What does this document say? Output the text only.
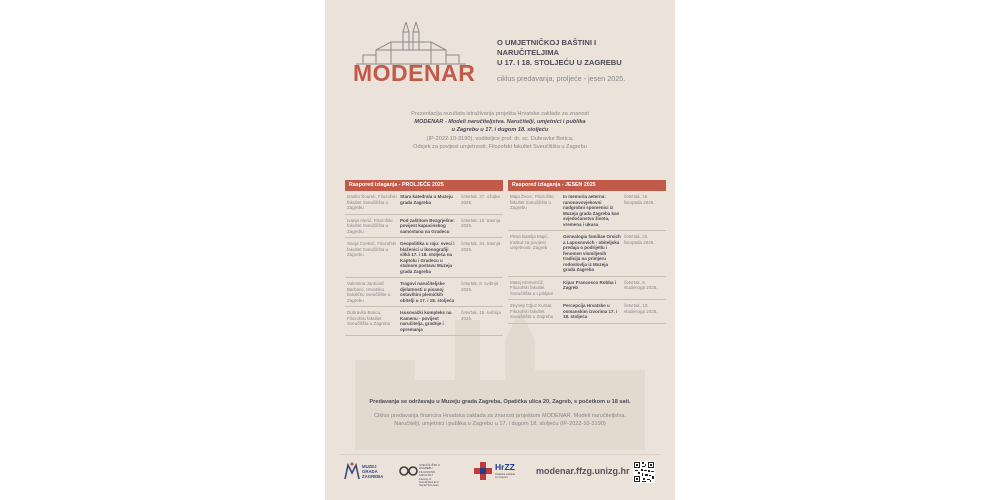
MODENAR
O UMJETNIČKOJ BAŠTINI I
NARUČITELJIMA
U 17. I 18. STOLJEĆU U ZAGREBU
ciklus predavanja, proljeće - jesen 2025.
Prezentacija rezultata istraživanja projekta Hrvatske zaklade za znanost
MODENAR - Modeli naručiteljstva. Naručitelji, umjetnici i publika
u Zagrebu u 17. i dugom 18. stoljeću
(IP-2022-10-3190), voditeljice prof. dr. sc. Dubravke Botica,
Odsjek za povijest umjetnosti, Filozofski fakultet Sveučilišta u Zagrebu
Raspored izlaganja - PROLJEĆE 2025
Danko Šourek, Filozofski fakultet Sveučilišta u Zagrebu
Stara katedrala u Muzeju grada Zagreba
četvrtak, 27. ožujka 2025.
Ivanja Alerić, Filozofski fakultet Sveučilišta u Zagrebu
Pod zaštitom Bezgrješne: povijest kapucinskog samostana na Gradecu
četvrtak, 10. travnja 2025.
Sanja Cvetnić, Filozofski fakultet Sveučilišta u Zagrebu
Geopolitika u raju: sveci i blaženici u ikonografiji slikâ 17. i 18. stoljeća na Kaptolu i Gradecu u stalnom postavu Muzeja grada Zagreba
četvrtak, 24. travnja 2025.
Valentina Janković Barbarić, Hrvatsko katoličko sveučilište u Zagrebu
Tragovi naručiteljske djelatnosti u pisanoj ostavštini plemićkih obitelji u 17. i 18. stoljeću
četvrtak, 8. svibnja 2025.
Dubravka Botica, Filozofski fakultet Sveučilišta u Zagrebu
Isusovački kompleks na Kamenu - povijest naručitelja, gradnje i opremanja
četvrtak, 15. svibnja 2025.
Raspored izlaganja - JESEN 2025
Maja Žvorc, Filozofski fakultet Sveučilišta u Zagrebu
In memoria aeterna: ranonovovjekovni nadgrobni spomenici iz Muzeja grada Zagreba kao svjedočanstva života, vremena i ukusa
četvrtak, 16. listopada 2025.
Petra Batelja Majić, Institut za povijest umjetnosti, Zagreb
Genealogia familiae Orsich a Laposnovich - obiteljska predaja o podrijetlu i fenomen vismiljenih tradicija na primjeru rodoslovlja iz Muzeja grada Zagreba
četvrtak, 23. listopada 2025.
Matej Klemenčič, Filozofski fakultet Sveučilišta u Ljubljani
Kipar Francesco Robba i Zagreb
četvrtak, 6. studenoga 2025.
Zeynep Oğuz Kursar, Filozofski fakultet Sveučilišta u Zagrebu
Percepcija Hrvatske u osmanskim izvorima 17. i 18. stoljeća
četvrtak, 13. studenoga 2025.
Predavanja se održavaju u Muzeju grada Zagreba, Opatička ulica 20, Zagreb, s početkom u 18 sati.
Ciklus predavanja financira Hrvatska zaklada za znanost projektom MODENAR. Modeli naručiteljstva.
Naručitelji, umjetnici i publika u Zagrebu u 17. i dugom 18. stoljeću (IP-2022-10-3190)
MUZEJ
GRADA
ZAGREBA
SVEUČILIŠTE U ZAGREBU
FILOZOFSKI FAKULTET
Faculty of Humanities and Social Sciences
HrZZ
Hrvatska zaklada
za znanost
modenar.ffzg.unizg.hr
